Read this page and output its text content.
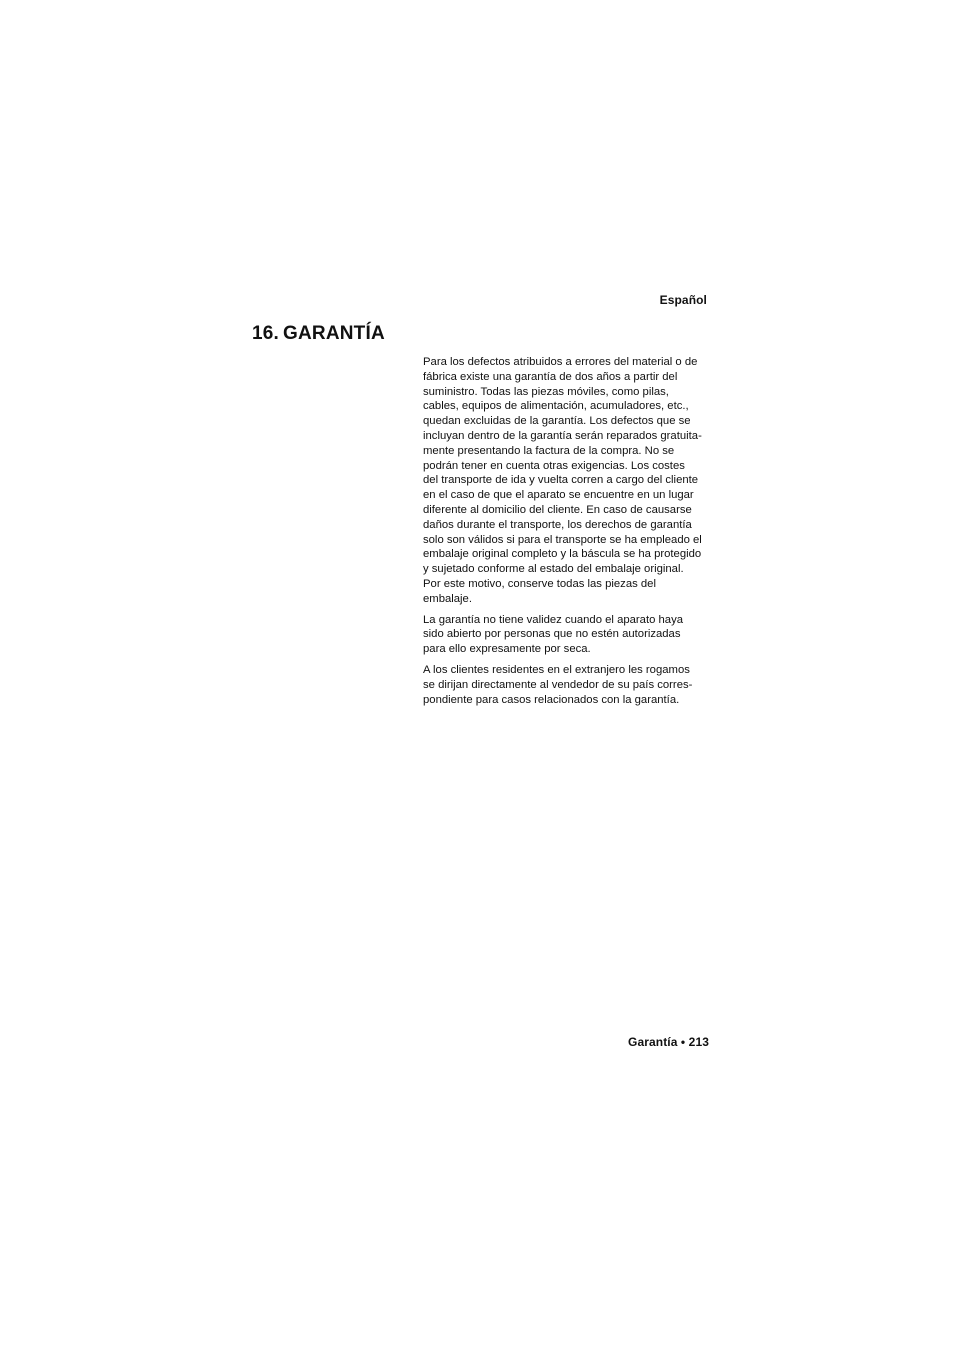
Español
16. GARANTÍA

Para los defectos atribuidos a errores del material o de
fábrica existe una garantía de dos años a partir del
suministro. Todas las piezas móviles, como pilas,
cables, equipos de alimentación, acumuladores, etc.,
quedan excluidas de la garantía. Los defectos que se
incluyan dentro de la garantía serán reparados gratuita-
mente presentando la factura de la compra. No se
podrán tener en cuenta otras exigencias. Los costes
del transporte de ida y vuelta corren a cargo del cliente
en el caso de que el aparato se encuentre en un lugar
diferente al domicilio del cliente. En caso de causarse
daños durante el transporte, los derechos de garantía
solo son válidos si para el transporte se ha empleado el
embalaje original completo y la báscula se ha protegido
y sujetado conforme al estado del embalaje original.
Por este motivo, conserve todas las piezas del
embalaje.

La garantía no tiene validez cuando el aparato haya
sido abierto por personas que no estén autorizadas
para ello expresamente por seca.

A los clientes residentes en el extranjero les rogamos
se dirijan directamente al vendedor de su país corres-
pondiente para casos relacionados con la garantía.

Garantía • 213
